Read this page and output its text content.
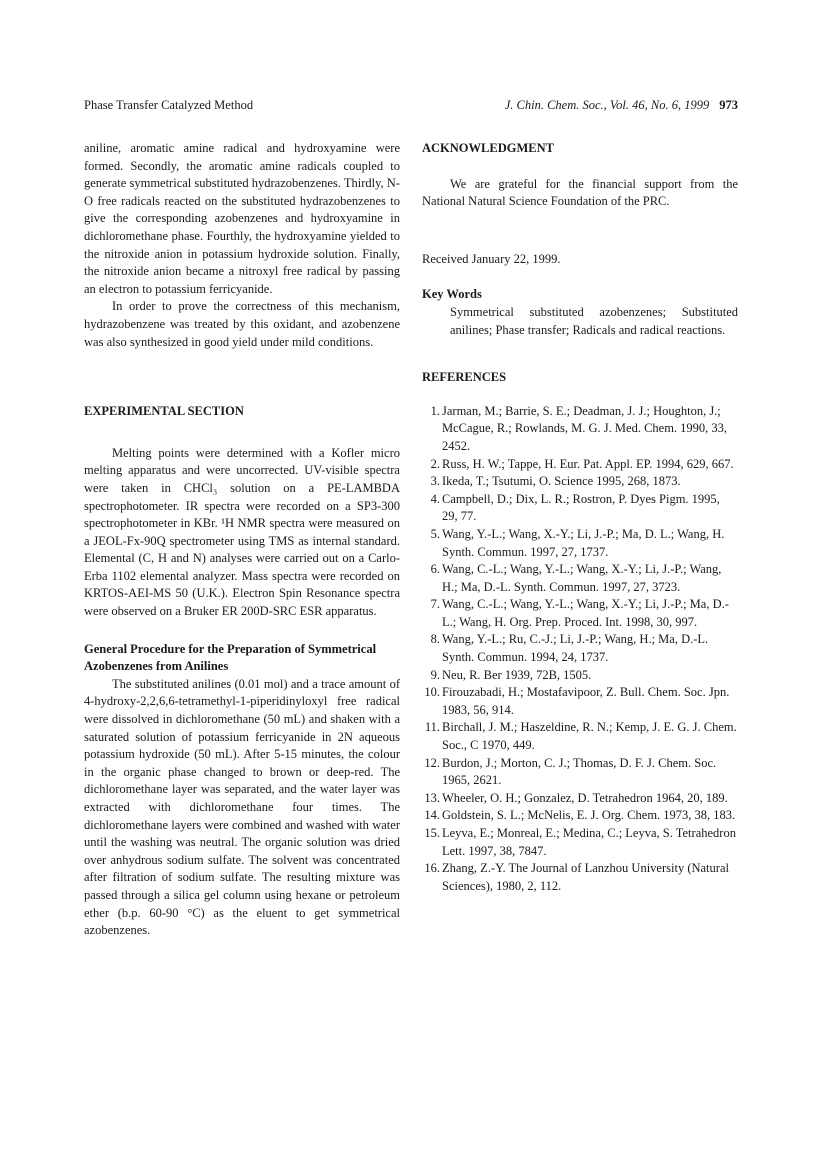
Phase Transfer Catalyzed Method	J. Chin. Chem. Soc., Vol. 46, No. 6, 1999 973

aniline, aromatic amine radical and hydroxyamine were formed. Secondly, the aromatic amine radicals coupled to generate symmetrical substituted hydrazobenzenes. Thirdly, N-O free radicals reacted on the substituted hydrazobenzenes to give the corresponding azobenzenes and hydroxyamine in dichloromethane phase. Fourthly, the hydroxyamine yielded to the nitroxide anion in potassium hydroxide solution. Finally, the nitroxide anion became a nitroxyl free radical by passing an electron to potassium ferricyanide.

In order to prove the correctness of this mechanism, hydrazobenzene was treated by this oxidant, and azobenzene was also synthesized in good yield under mild conditions.

EXPERIMENTAL SECTION

Melting points were determined with a Kofler micro melting apparatus and were uncorrected. UV-visible spectra were taken in CHCl₃ solution on a PE-LAMBDA spectrophotometer. IR spectra were recorded on a SP3-300 spectrophotometer in KBr. ¹H NMR spectra were measured on a JEOL-Fx-90Q spectrometer using TMS as internal standard. Elemental (C, H and N) analyses were carried out on a Carlo-Erba 1102 elemental analyzer. Mass spectra were recorded on KRTOS-AEI-MS 50 (U.K.). Electron Spin Resonance spectra were observed on a Bruker ER 200D-SRC ESR apparatus.

General Procedure for the Preparation of Symmetrical
Azobenzenes from Anilines

The substituted anilines (0.01 mol) and a trace amount of 4-hydroxy-2,2,6,6-tetramethyl-1-piperidinyloxyl free radical were dissolved in dichloromethane (50 mL) and shaken with a saturated solution of potassium ferricyanide in 2N aqueous potassium hydroxide (50 mL). After 5-15 minutes, the colour in the organic phase changed to brown or deep-red. The dichloromethane layer was separated, and the water layer was extracted with dichloromethane four times. The dichloromethane layers were combined and washed with water until the washing was neutral. The organic solution was dried over anhydrous sodium sulfate. The solvent was concentrated after filtration of sodium sulfate. The resulting mixture was passed through a silica gel column using hexane or petroleum ether (b.p. 60-90 °C) as the eluent to get symmetrical azobenzenes.

ACKNOWLEDGMENT

We are grateful for the financial support from the National Natural Science Foundation of the PRC.

Received January 22, 1999.

Key Words

Symmetrical substituted azobenzenes; Substituted anilines; Phase transfer; Radicals and radical reactions.

REFERENCES

1. Jarman, M.; Barrie, S. E.; Deadman, J. J.; Houghton, J.; McCague, R.; Rowlands, M. G. J. Med. Chem. 1990, 33, 2452.
2. Russ, H. W.; Tappe, H. Eur. Pat. Appl. EP. 1994, 629, 667.
3. Ikeda, T.; Tsutumi, O. Science 1995, 268, 1873.
4. Campbell, D.; Dix, L. R.; Rostron, P. Dyes Pigm. 1995, 29, 77.
5. Wang, Y.-L.; Wang, X.-Y.; Li, J.-P.; Ma, D. L.; Wang, H. Synth. Commun. 1997, 27, 1737.
6. Wang, C.-L.; Wang, Y.-L.; Wang, X.-Y.; Li, J.-P.; Wang, H.; Ma, D.-L. Synth. Commun. 1997, 27, 3723.
7. Wang, C.-L.; Wang, Y.-L.; Wang, X.-Y.; Li, J.-P.; Ma, D.-L.; Wang, H. Org. Prep. Proced. Int. 1998, 30, 997.
8. Wang, Y.-L.; Ru, C.-J.; Li, J.-P.; Wang, H.; Ma, D.-L. Synth. Commun. 1994, 24, 1737.
9. Neu, R. Ber 1939, 72B, 1505.
10. Firouzabadi, H.; Mostafavipoor, Z. Bull. Chem. Soc. Jpn. 1983, 56, 914.
11. Birchall, J. M.; Haszeldine, R. N.; Kemp, J. E. G. J. Chem. Soc., C 1970, 449.
12. Burdon, J.; Morton, C. J.; Thomas, D. F. J. Chem. Soc. 1965, 2621.
13. Wheeler, O. H.; Gonzalez, D. Tetrahedron 1964, 20, 189.
14. Goldstein, S. L.; McNelis, E. J. Org. Chem. 1973, 38, 183.
15. Leyva, E.; Monreal, E.; Medina, C.; Leyva, S. Tetrahedron Lett. 1997, 38, 7847.
16. Zhang, Z.-Y. The Journal of Lanzhou University (Natural Sciences), 1980, 2, 112.
